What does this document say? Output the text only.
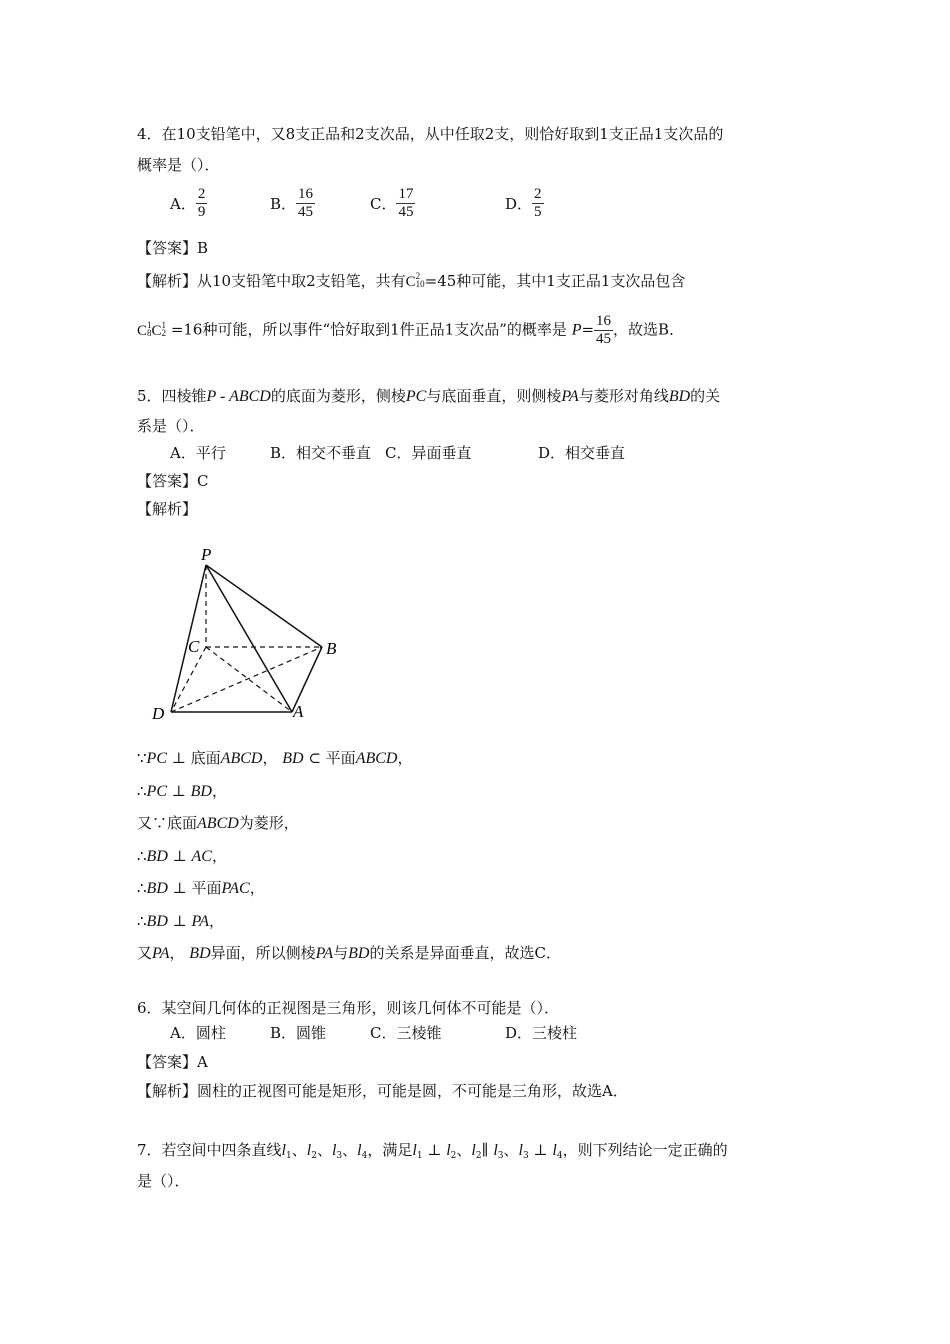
4．在10支铅笔中，又8支正品和2支次品，从中任取2支，则恰好取到1支正品1支次品的
概率是（）．
A． $\frac{2}{9}$	B． $\frac{16}{45}$	C． $\frac{17}{45}$	D． $\frac{2}{5}$
【答案】B
【解析】从10支铅笔中取2支铅笔，共有C 2
10 =45种可能，其中1支正品1支次品包含
C 1
8 C 1
2 =16种可能，所以事件“恰好取到1件正品1支次品”的概率是 $P= \frac{16}{45}$ ，故选B．
5．四棱锥P - ABCD的底面为菱形，侧棱PC与底面垂直，则侧棱PA与菱形对角线BD的关
系是（）．
A．平行	B．相交不垂直 C．异面垂直	D．相交垂直
【答案】C
【解析】
P
C	B
D	A
∵PC ⊥ 底面ABCD， BD ⊂ 平面ABCD，
∴PC ⊥ BD，
又∵底面ABCD为菱形，
∴BD ⊥ AC，
∴BD ⊥ 平面PAC，
∴BD ⊥ PA，
又PA， BD异面，所以侧棱PA与BD的关系是异面垂直，故选C．
6．某空间几何体的正视图是三角形，则该几何体不可能是（）．
A．圆柱	B．圆锥	C．三棱锥	D．三棱柱
【答案】A
【解析】圆柱的正视图可能是矩形，可能是圆，不可能是三角形，故选A．
7．若空间中四条直线$l_1$、$l_2$、$l_3$、$l_4$，满足$l_1$ ⊥ $l_2$、$l_2\parallel$ $l_3$、$l_3$ ⊥ $l_4$，则下列结论一定正确的
是（）．
